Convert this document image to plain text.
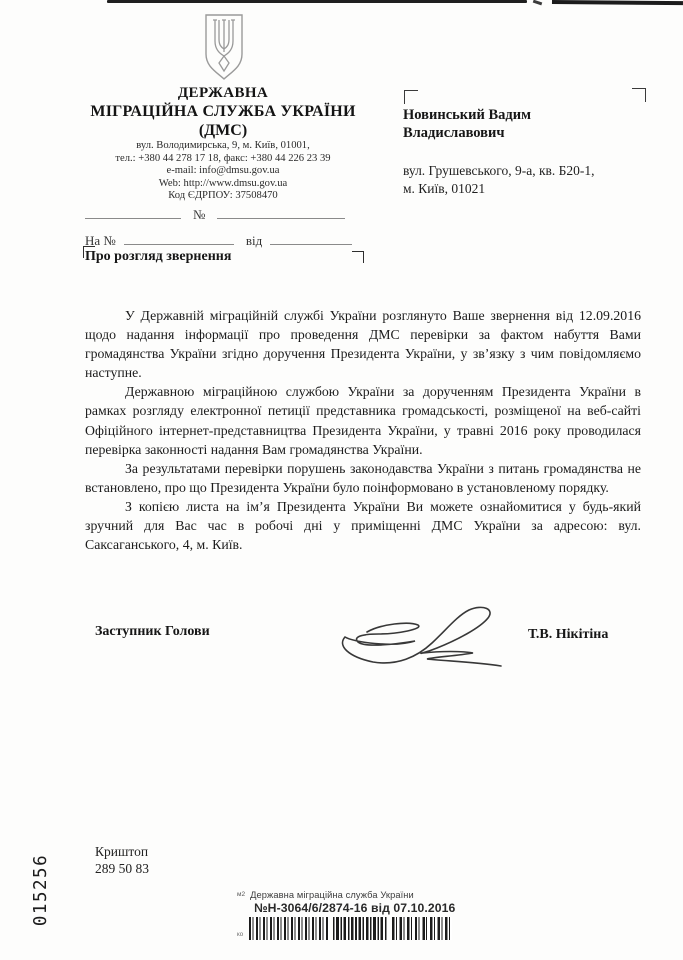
ДЕРЖАВНА
МІГРАЦІЙНА СЛУЖБА УКРАЇНИ
(ДМС)
вул. Володимирська, 9, м. Київ, 01001,
тел.: +380 44 278 17 18, факс: +380 44 226 23 39
e-mail: info@dmsu.gov.ua
Web: http://www.dmsu.gov.ua
Код ЄДРПОУ: 37508470
Новинський Вадим
Владиславович
вул. Грушевського, 9-а, кв. Б20-1,
м. Київ, 01021
№
На №	від
Про розгляд звернення

У Державній міграційній службі України розглянуто Ваше звернення від 12.09.2016 щодо надання інформації про проведення ДМС перевірки за фактом набуття Вами громадянства України згідно доручення Президента України, у зв’язку з чим повідомляємо наступне.

Державною міграційною службою України за дорученням Президента України в рамках розгляду електронної петиції представника громадськості, розміщеної на веб-сайті Офіційного інтернет-представництва Президента України, у травні 2016 року проводилася перевірка законності надання Вам громадянства України.

За результатами перевірки порушень законодавства України з питань громадянства не встановлено, про що Президента України було поінформовано в установленому порядку.

З копією листа на ім’я Президента України Ви можете ознайомитися у будь-який зручний для Вас час в робочі дні у приміщенні ДМС України за адресою: вул. Саксаганського, 4, м. Київ.

Заступник Голови	Т.В. Нікітіна
Криштоп
289 50 83
015256	м2 Державна міграційна служба України
№Н-3064/6/2874-16 від 07.10.2016
ко
